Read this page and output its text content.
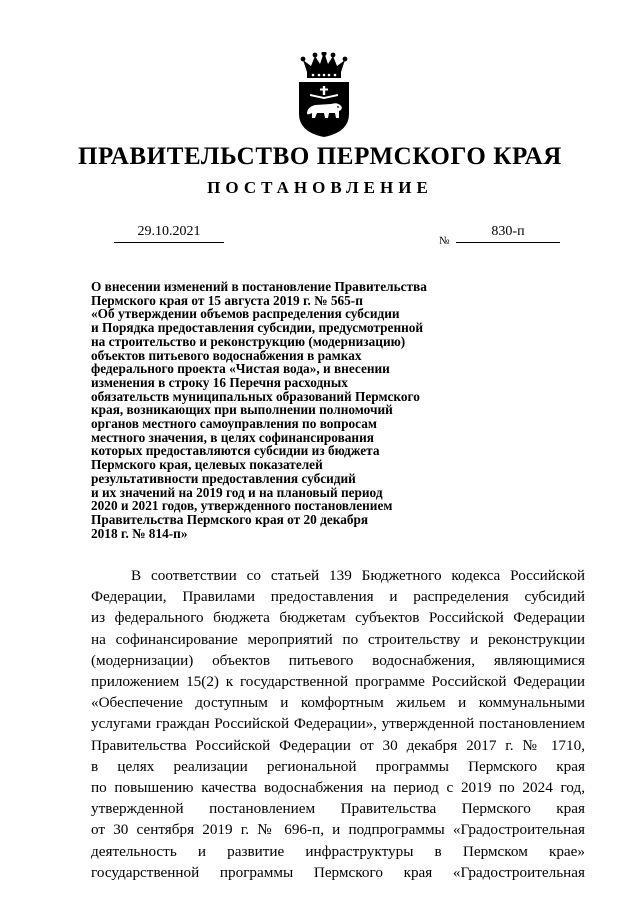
ПРАВИТЕЛЬСТВО ПЕРМСКОГО КРАЯ
ПОСТАНОВЛЕНИЕ
29.10.2021
№
830-п
О внесении изменений в постановление Правительства
Пермского края от 15 августа 2019 г. № 565-п
«Об утверждении объемов распределения субсидии
и Порядка предоставления субсидии, предусмотренной
на строительство и реконструкцию (модернизацию)
объектов питьевого водоснабжения в рамках
федерального проекта «Чистая вода», и внесении
изменения в строку 16 Перечня расходных
обязательств муниципальных образований Пермского
края, возникающих при выполнении полномочий
органов местного самоуправления по вопросам
местного значения, в целях софинансирования
которых предоставляются субсидии из бюджета
Пермского края, целевых показателей
результативности предоставления субсидий
и их значений на 2019 год и на плановый период
2020 и 2021 годов, утвержденного постановлением
Правительства Пермского края от 20 декабря
2018 г. № 814-п»
В соответствии со статьей 139 Бюджетного кодекса Российской
Федерации, Правилами предоставления и распределения субсидий
из федерального бюджета бюджетам субъектов Российской Федерации
на софинансирование мероприятий по строительству и реконструкции
(модернизации) объектов питьевого водоснабжения, являющимися
приложением 15(2) к государственной программе Российской Федерации
«Обеспечение доступным и комфортным жильем и коммунальными
услугами граждан Российской Федерации», утвержденной постановлением
Правительства Российской Федерации от 30 декабря 2017 г. № 1710,
в целях реализации региональной программы Пермского края
по повышению качества водоснабжения на период с 2019 по 2024 год,
утвержденной постановлением Правительства Пермского края
от 30 сентября 2019 г. № 696-п, и подпрограммы «Градостроительная
деятельность и развитие инфраструктуры в Пермском крае»
государственной программы Пермского края «Градостроительная
